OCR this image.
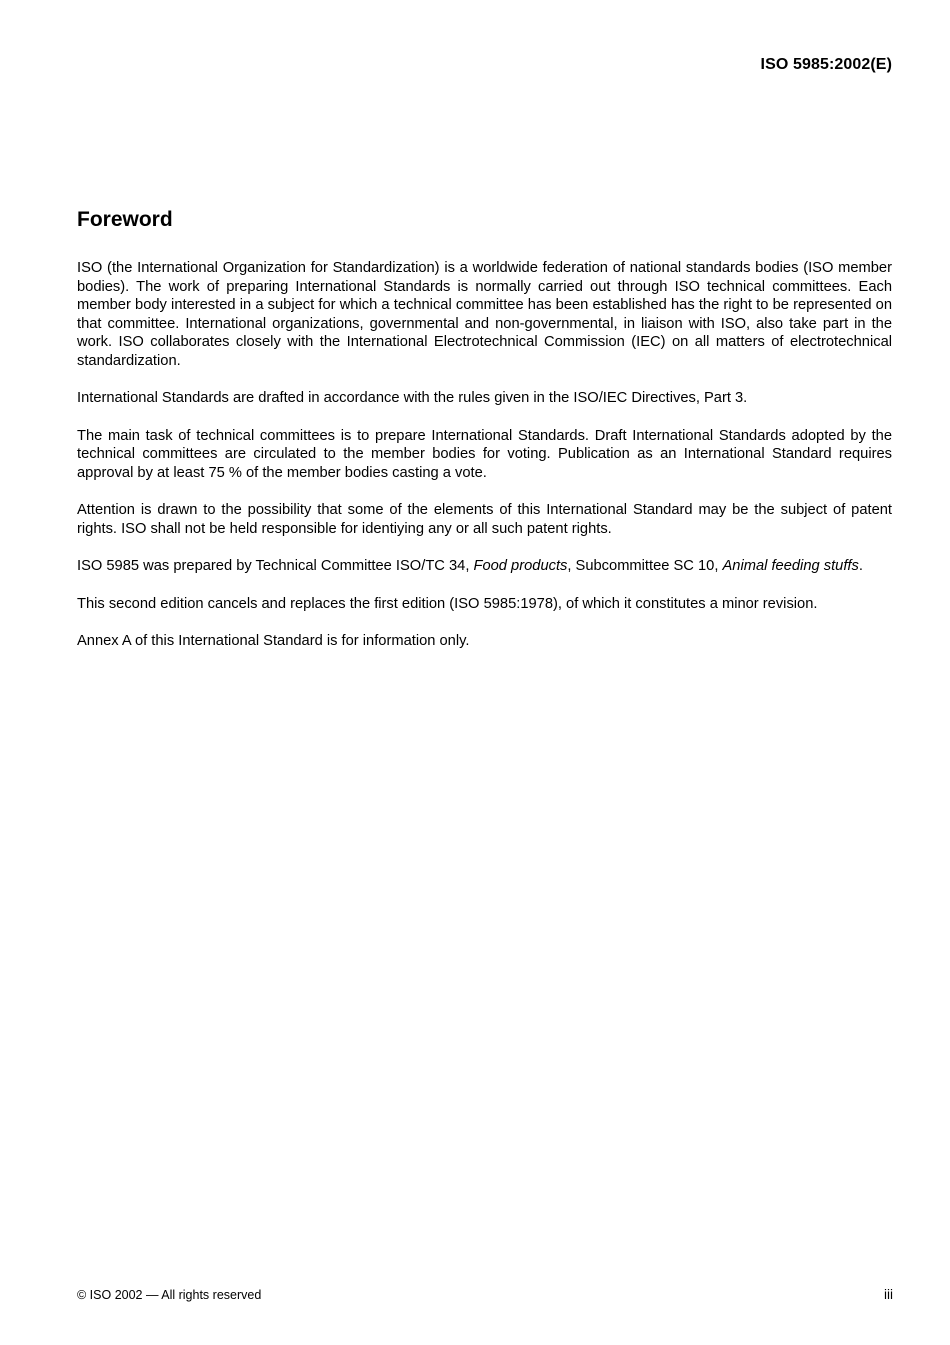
ISO 5985:2002(E)
Foreword

ISO (the International Organization for Standardization) is a worldwide federation of national standards bodies (ISO member bodies). The work of preparing International Standards is normally carried out through ISO technical committees. Each member body interested in a subject for which a technical committee has been established has the right to be represented on that committee. International organizations, governmental and non-governmental, in liaison with ISO, also take part in the work. ISO collaborates closely with the International Electrotechnical Commission (IEC) on all matters of electrotechnical standardization.

International Standards are drafted in accordance with the rules given in the ISO/IEC Directives, Part 3.

The main task of technical committees is to prepare International Standards. Draft International Standards adopted by the technical committees are circulated to the member bodies for voting. Publication as an International Standard requires approval by at least 75 % of the member bodies casting a vote.

Attention is drawn to the possibility that some of the elements of this International Standard may be the subject of patent rights. ISO shall not be held responsible for identiying any or all such patent rights.

ISO 5985 was prepared by Technical Committee ISO/TC 34, Food products, Subcommittee SC 10, Animal feeding stuffs.

This second edition cancels and replaces the first edition (ISO 5985:1978), of which it constitutes a minor revision.

Annex A of this International Standard is for information only.

© ISO 2002 — All rights reserved	iii
